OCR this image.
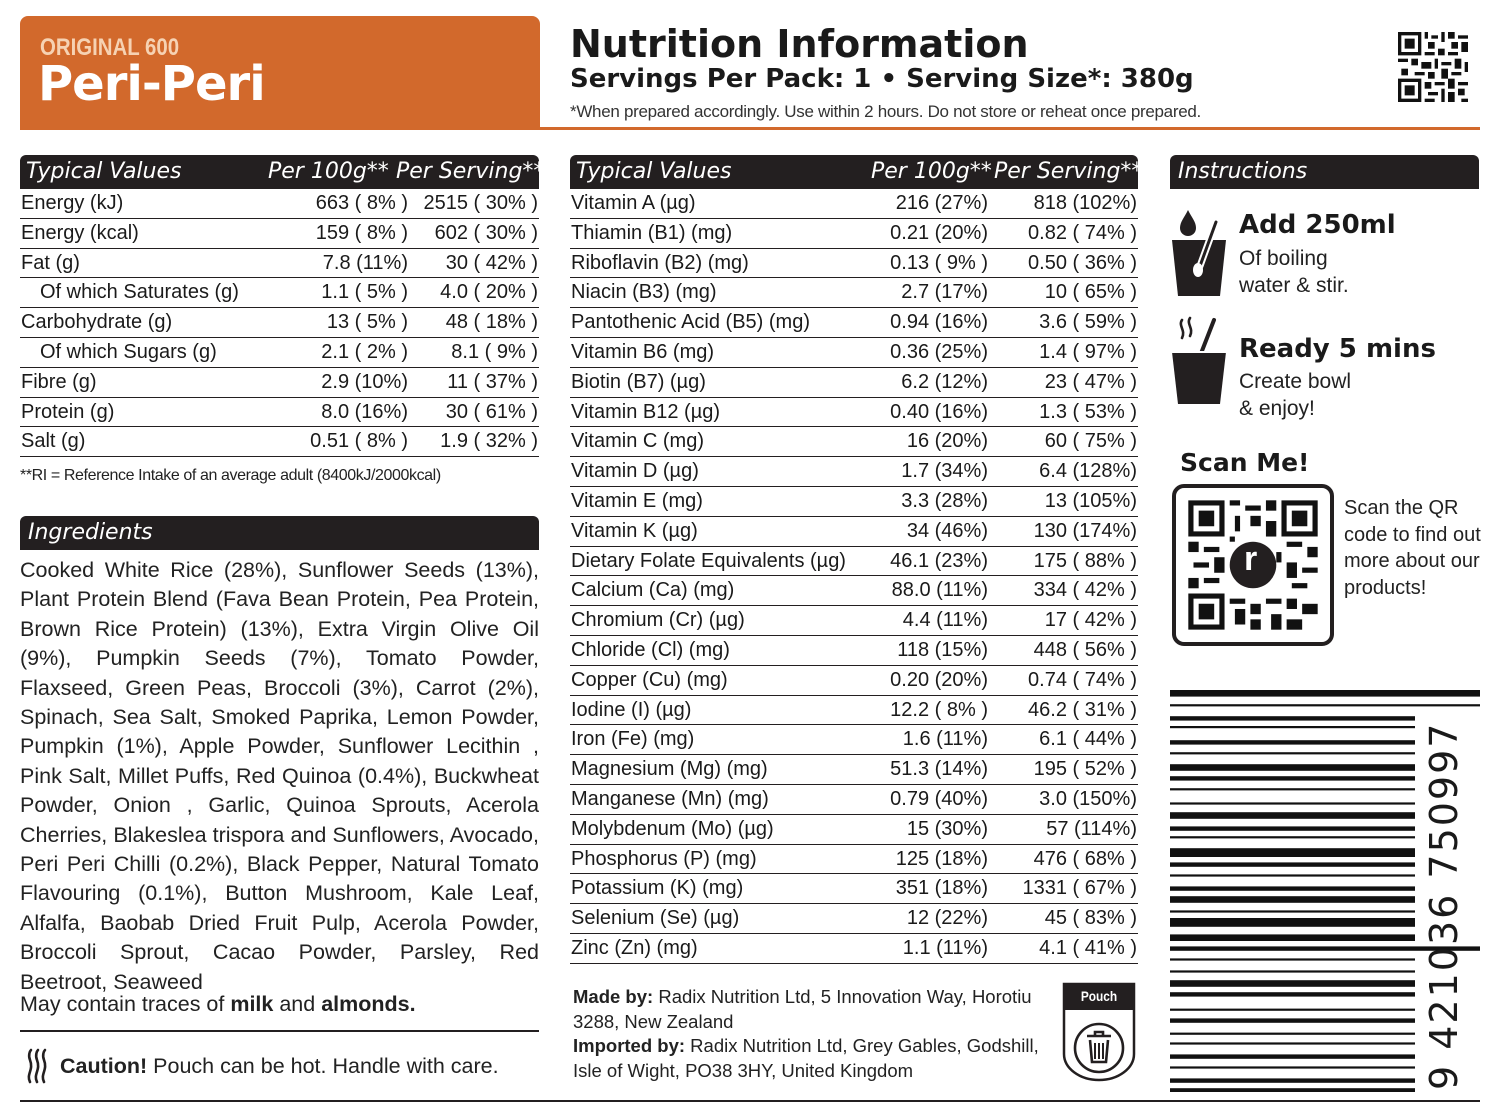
ORIGINAL 600
Peri-Peri
Nutrition Information
Servings Per Pack: 1 • Serving Size*: 380g
*When prepared accordingly. Use within 2 hours. Do not store or reheat once prepared.
Typical Values	Per 100g** Per Serving**
Energy (kJ)	663 ( 8% ) 2515 ( 30% )
Energy (kcal)	159 ( 8% ) 602 ( 30% )
Fat (g)	7.8 (11%) 30 ( 42% )
Of which Saturates (g)	1.1 ( 5% ) 4.0 ( 20% )
Carbohydrate (g)	13 ( 5% ) 48 ( 18% )
Of which Sugars (g)	2.1 ( 2% ) 8.1 ( 9% )
Fibre (g)	2.9 (10%) 11 ( 37% )
Protein (g)	8.0 (16%) 30 ( 61% )
Salt (g)	0.51 ( 8% ) 1.9 ( 32% )
**RI = Reference Intake of an average adult (8400kJ/2000kcal)
Ingredients
Cooked White Rice (28%), Sunflower Seeds (13%), Plant Protein Blend (Fava Bean Protein, Pea Protein, Brown Rice Protein) (13%), Extra Virgin Olive Oil (9%), Pumpkin Seeds (7%), Tomato Powder, Flaxseed, Green Peas, Broccoli (3%), Carrot (2%), Spinach, Sea Salt, Smoked Paprika, Lemon Powder, Pumpkin (1%), Apple Powder, Sunflower Lecithin , Pink Salt, Millet Puffs, Red Quinoa (0.4%), Buckwheat Powder, Onion , Garlic, Quinoa Sprouts, Acerola Cherries, Blakeslea trispora and Sunflowers, Avocado, Peri Peri Chilli (0.2%), Black Pepper, Natural Tomato Flavouring (0.1%), Button Mushroom, Kale Leaf, Alfalfa, Baobab Dried Fruit Pulp, Acerola Powder, Broccoli Sprout, Cacao Powder, Parsley, Red Beetroot, Seaweed
May contain traces of milk and almonds.
Caution! Pouch can be hot. Handle with care.
Typical Values	Per 100g** Per Serving**
Vitamin A (µg)	216 (27%) 818 (102%)
Thiamin (B1) (mg)	0.21 (20%) 0.82 ( 74% )
Riboflavin (B2) (mg)	0.13 ( 9% ) 0.50 ( 36% )
Niacin (B3) (mg)	2.7 (17%)	10 ( 65% )
Pantothenic Acid (B5) (mg)	0.94 (16%)	3.6 ( 59% )
Vitamin B6 (mg)	0.36 (25%)	1.4 ( 97% )
Biotin (B7) (µg)	6.2 (12%)	23 ( 47% )
Vitamin B12 (µg)	0.40 (16%)	1.3 ( 53% )
Vitamin C (mg)	16 (20%)	60 ( 75% )
Vitamin D (µg)	1.7 (34%)	6.4 (128%)
Vitamin E (mg)	3.3 (28%)	13 (105%)
Vitamin K (µg)	34 (46%) 130 (174%)
Dietary Folate Equivalents (µg) 46.1 (23%) 175 ( 88% )
Calcium (Ca) (mg)	88.0 (11%) 334 ( 42% )
Chromium (Cr) (µg)	4.4 (11%)	17 ( 42% )
Chloride (Cl) (mg)	118 (15%) 448 ( 56% )
Copper (Cu) (mg)	0.20 (20%) 0.74 ( 74% )
Iodine (I) (µg)	12.2 ( 8% ) 46.2 ( 31% )
Iron (Fe) (mg)	1.6 (11%)	6.1 ( 44% )
Magnesium (Mg) (mg)	51.3 (14%) 195 ( 52% )
Manganese (Mn) (mg)	0.79 (40%)	3.0 (150%)
Molybdenum (Mo) (µg)	15 (30%)	57 (114%)
Phosphorus (P) (mg)	125 (18%) 476 ( 68% )
Potassium (K) (mg)	351 (18%) 1331 ( 67% )
Selenium (Se) (µg)	12 (22%)	45 ( 83% )
Zinc (Zn) (mg)	1.1 (11%)	4.1 ( 41% )
Made by: Radix Nutrition Ltd, 5 Innovation Way, Horotiu 3288, New Zealand
Imported by: Radix Nutrition Ltd, Grey Gables, Godshill, Isle of Wight, PO38 3HY, United Kingdom
Pouch
Instructions
Add 250ml
Of boiling
water & stir.
Ready 5 mins
Create bowl
& enjoy!
Scan Me!
r
Scan the QR code to find out more about our products!
9 421036 750997
